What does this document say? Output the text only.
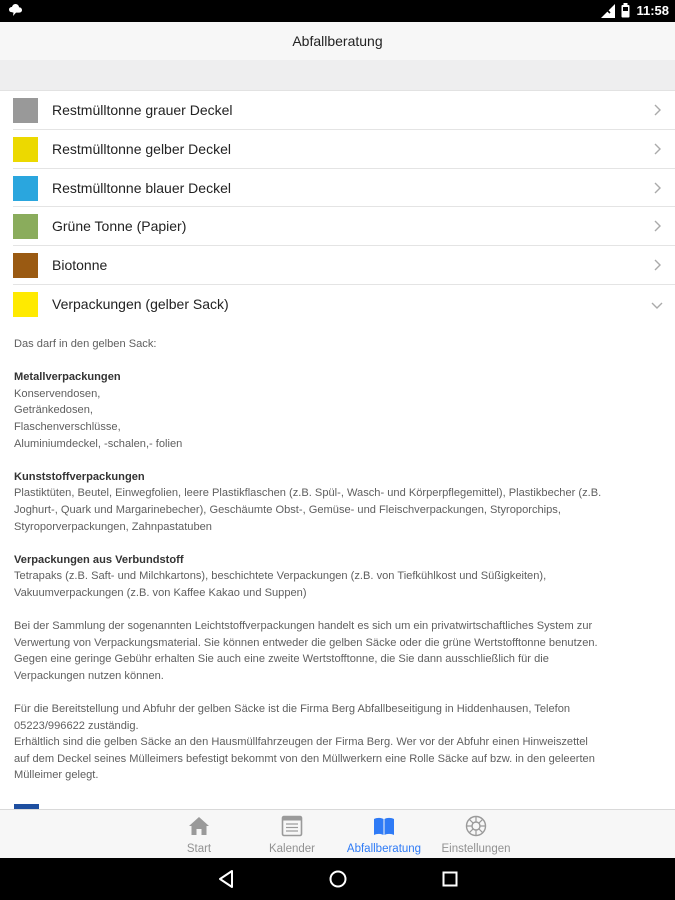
11:58
Abfallberatung
Restmülltonne grauer Deckel
Restmülltonne gelber Deckel
Restmülltonne blauer Deckel
Grüne Tonne (Papier)
Biotonne
Verpackungen (gelber Sack)

Das darf in den gelben Sack:

Metallverpackungen
Konservendosen,
Getränkedosen,
Flaschenverschlüsse,
Aluminiumdeckel, -schalen,- folien

Kunststoffverpackungen
Plastiktüten, Beutel, Einwegfolien, leere Plastikflaschen (z.B. Spül-, Wasch- und Körperpflegemittel), Plastikbecher (z.B.
Joghurt-, Quark und Margarinebecher), Geschäumte Obst-, Gemüse- und Fleischverpackungen, Styroporchips,
Styroporverpackungen, Zahnpastatuben

Verpackungen aus Verbundstoff
Tetrapaks (z.B. Saft- und Milchkartons), beschichtete Verpackungen (z.B. von Tiefkühlkost und Süßigkeiten),
Vakuumverpackungen (z.B. von Kaffee Kakao und Suppen)

Bei der Sammlung der sogenannten Leichtstoffverpackungen handelt es sich um ein privatwirtschaftliches System zur
Verwertung von Verpackungsmaterial. Sie können entweder die gelben Säcke oder die grüne Wertstofftonne benutzen.
Gegen eine geringe Gebühr erhalten Sie auch eine zweite Wertstofftonne, die Sie dann ausschließlich für die
Verpackungen nutzen können.

Für die Bereitstellung und Abfuhr der gelben Säcke ist die Firma Berg Abfallbeseitigung in Hiddenhausen, Telefon
05223/996622 zuständig.
Erhältlich sind die gelben Säcke an den Hausmüllfahrzeugen der Firma Berg. Wer vor der Abfuhr einen Hinweiszettel
auf dem Deckel seines Mülleimers befestigt bekommt von den Müllwerkern eine Rolle Säcke auf bzw. in den geleerten
Mülleimer gelegt.

Start	Kalender	Abfallberatung	Einstellungen
